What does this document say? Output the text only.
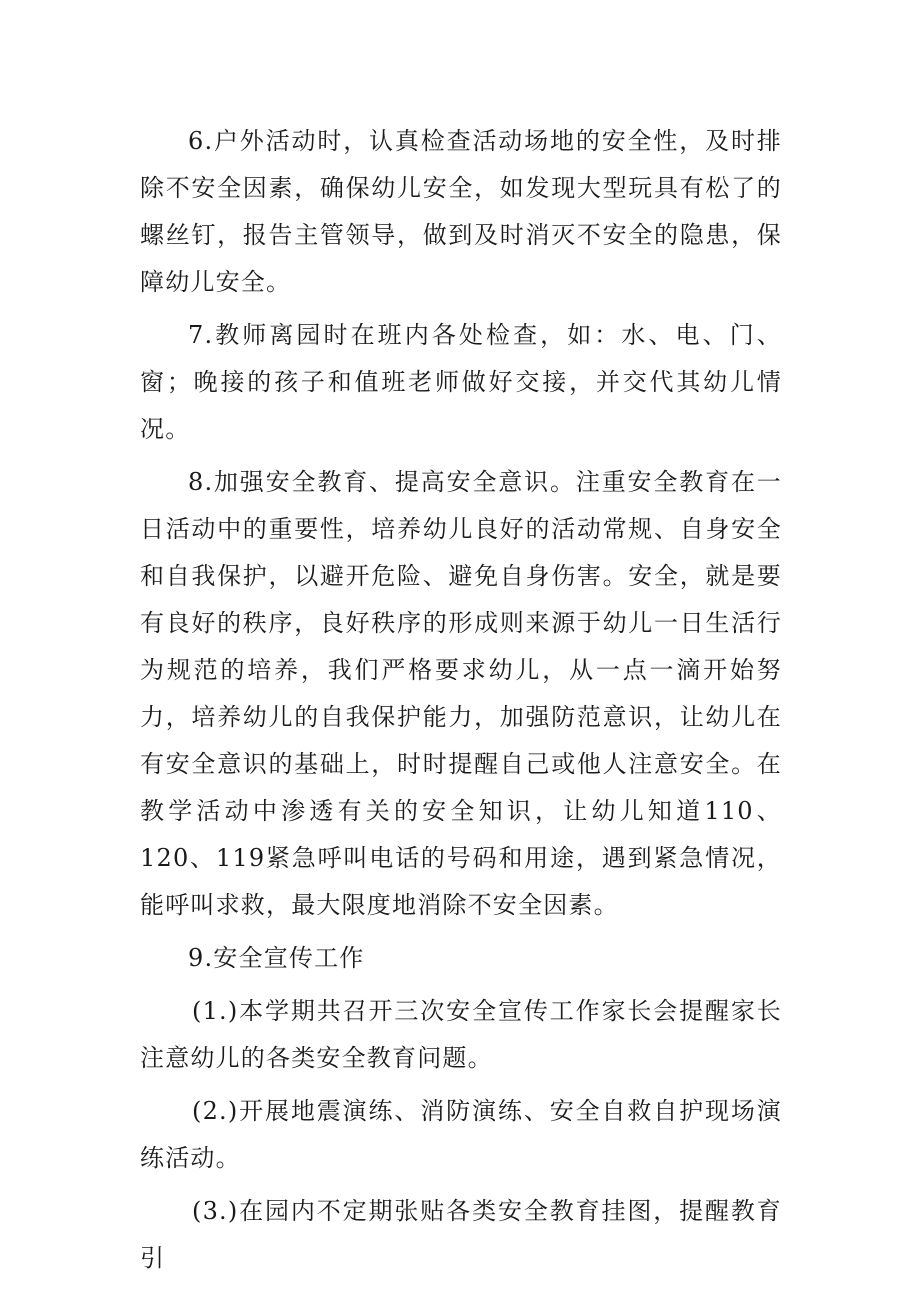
6.户外活动时，认真检查活动场地的安全性，及时排除不安全因素，确保幼儿安全，如发现大型玩具有松了的螺丝钉，报告主管领导，做到及时消灭不安全的隐患，保障幼儿安全。

7.教师离园时在班内各处检查，如：水、电、门、窗；晚接的孩子和值班老师做好交接，并交代其幼儿情况。

8.加强安全教育、提高安全意识。注重安全教育在一日活动中的重要性，培养幼儿良好的活动常规、自身安全和自我保护，以避开危险、避免自身伤害。安全，就是要有良好的秩序，良好秩序的形成则来源于幼儿一日生活行为规范的培养，我们严格要求幼儿，从一点一滴开始努力，培养幼儿的自我保护能力，加强防范意识，让幼儿在有安全意识的基础上，时时提醒自己或他人注意安全。在教学活动中渗透有关的安全知识，让幼儿知道110、120、119紧急呼叫电话的号码和用途，遇到紧急情况，能呼叫求救，最大限度地消除不安全因素。

9.安全宣传工作

(1.)本学期共召开三次安全宣传工作家长会提醒家长注意幼儿的各类安全教育问题。

(2.)开展地震演练、消防演练、安全自救自护现场演练活动。

(3.)在园内不定期张贴各类安全教育挂图，提醒教育引
